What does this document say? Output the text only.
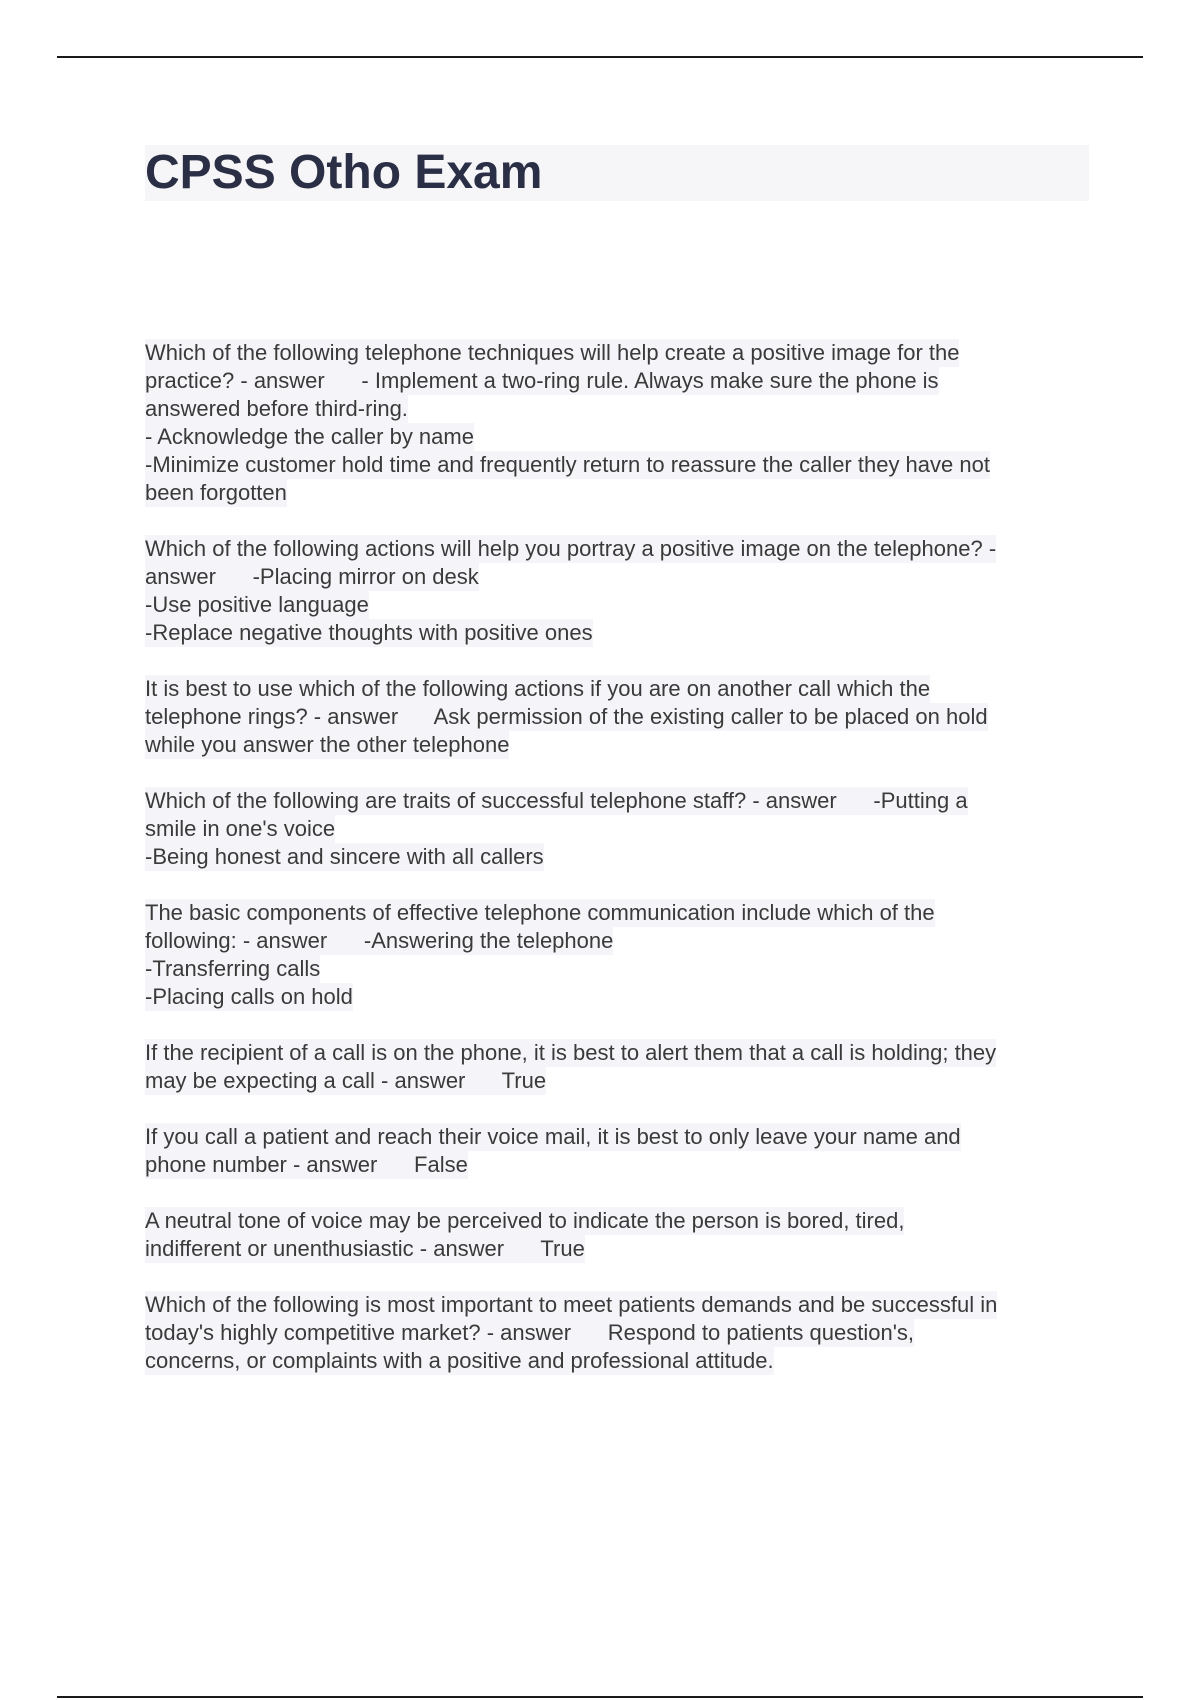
CPSS Otho Exam
Which of the following telephone techniques will help create a positive image for the
practice? - answer      - Implement a two-ring rule. Always make sure the phone is
answered before third-ring.
- Acknowledge the caller by name
-Minimize customer hold time and frequently return to reassure the caller they have not
been forgotten
Which of the following actions will help you portray a positive image on the telephone? -
answer      -Placing mirror on desk
-Use positive language
-Replace negative thoughts with positive ones
It is best to use which of the following actions if you are on another call which the
telephone rings? - answer      Ask permission of the existing caller to be placed on hold
while you answer the other telephone
Which of the following are traits of successful telephone staff? - answer      -Putting a
smile in one's voice
-Being honest and sincere with all callers
The basic components of effective telephone communication include which of the
following: - answer      -Answering the telephone
-Transferring calls
-Placing calls on hold
If the recipient of a call is on the phone, it is best to alert them that a call is holding; they
may be expecting a call - answer      True
If you call a patient and reach their voice mail, it is best to only leave your name and
phone number - answer      False
A neutral tone of voice may be perceived to indicate the person is bored, tired,
indifferent or unenthusiastic - answer      True
Which of the following is most important to meet patients demands and be successful in
today's highly competitive market? - answer      Respond to patients question's,
concerns, or complaints with a positive and professional attitude.
